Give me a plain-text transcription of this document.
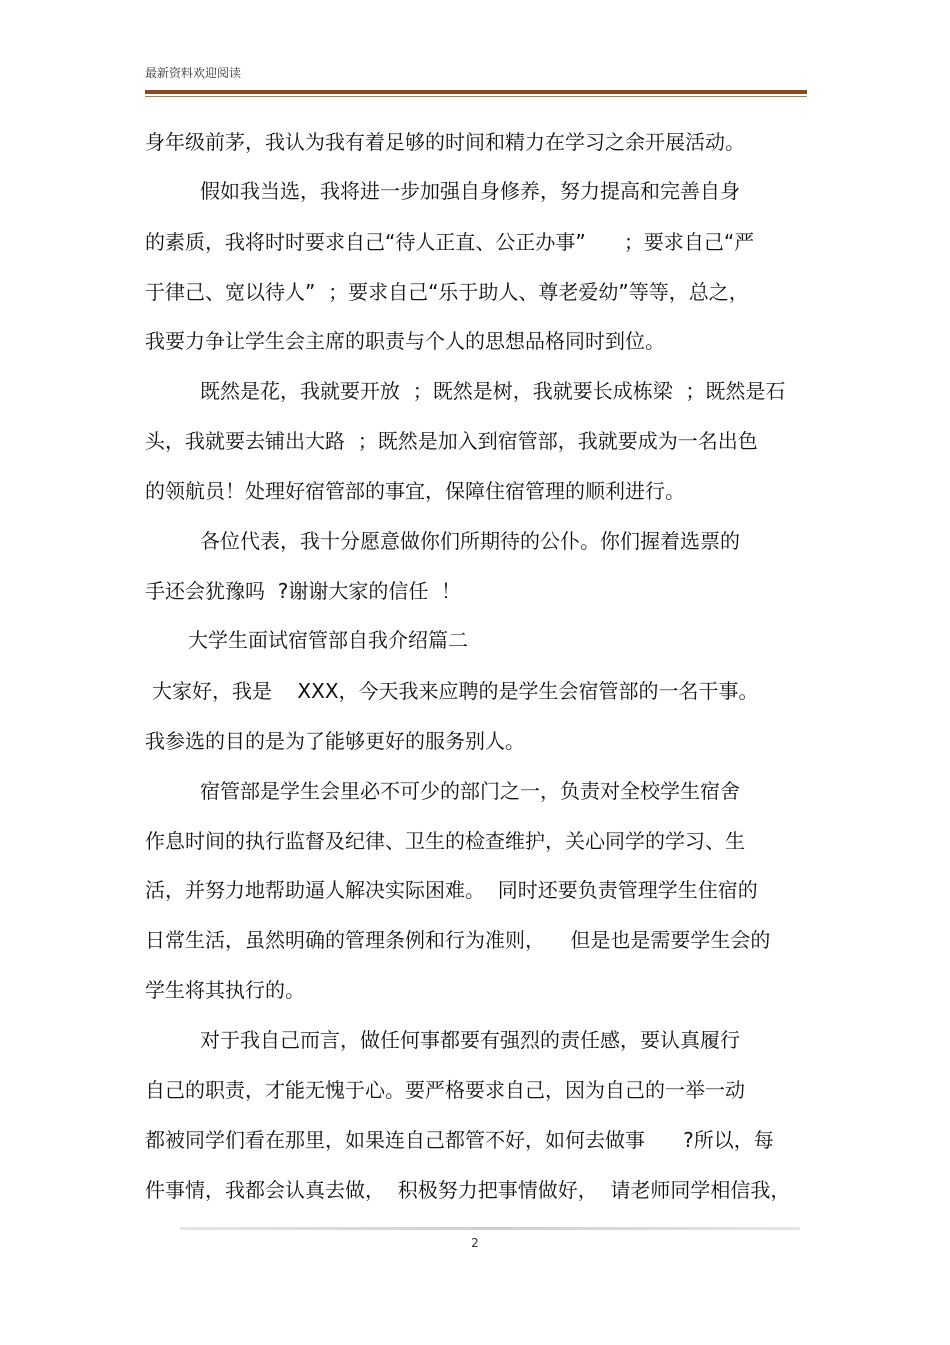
最新资料欢迎阅读
身年级前茅，我认为我有着足够的时间和精力在学习之余开展活动。
假如我当选，我将进一步加强自身修养，努力提高和完善自身
的素质，我将时时要求自己“待人正直、公正办事”      ；要求自己“严
于律己、宽以待人”  ；要求自己“乐于助人、尊老爱幼”等等，总之，
我要力争让学生会主席的职责与个人的思想品格同时到位。
既然是花，我就要开放  ；既然是树，我就要长成栋梁  ；既然是石
头，我就要去铺出大路  ；既然是加入到宿管部，我就要成为一名出色
的领航员！处理好宿管部的事宜，保障住宿管理的顺利进行。
各位代表，我十分愿意做你们所期待的公仆。你们握着选票的
手还会犹豫吗  ?谢谢大家的信任  ！
大学生面试宿管部自我介绍篇二
大家好，我是    XXX，今天我来应聘的是学生会宿管部的一名干事。
我参选的目的是为了能够更好的服务别人。
宿管部是学生会里必不可少的部门之一，负责对全校学生宿舍
作息时间的执行监督及纪律、卫生的检查维护，关心同学的学习、生
活，并努力地帮助逼人解决实际困难。  同时还要负责管理学生住宿的
日常生活，虽然明确的管理条例和行为准则，    但是也是需要学生会的
学生将其执行的。
对于我自己而言，做任何事都要有强烈的责任感，要认真履行
自己的职责，才能无愧于心。要严格要求自己，因为自己的一举一动
都被同学们看在那里，如果连自己都管不好，如何去做事      ?所以，每
件事情，我都会认真去做，  积极努力把事情做好，  请老师同学相信我，
2
